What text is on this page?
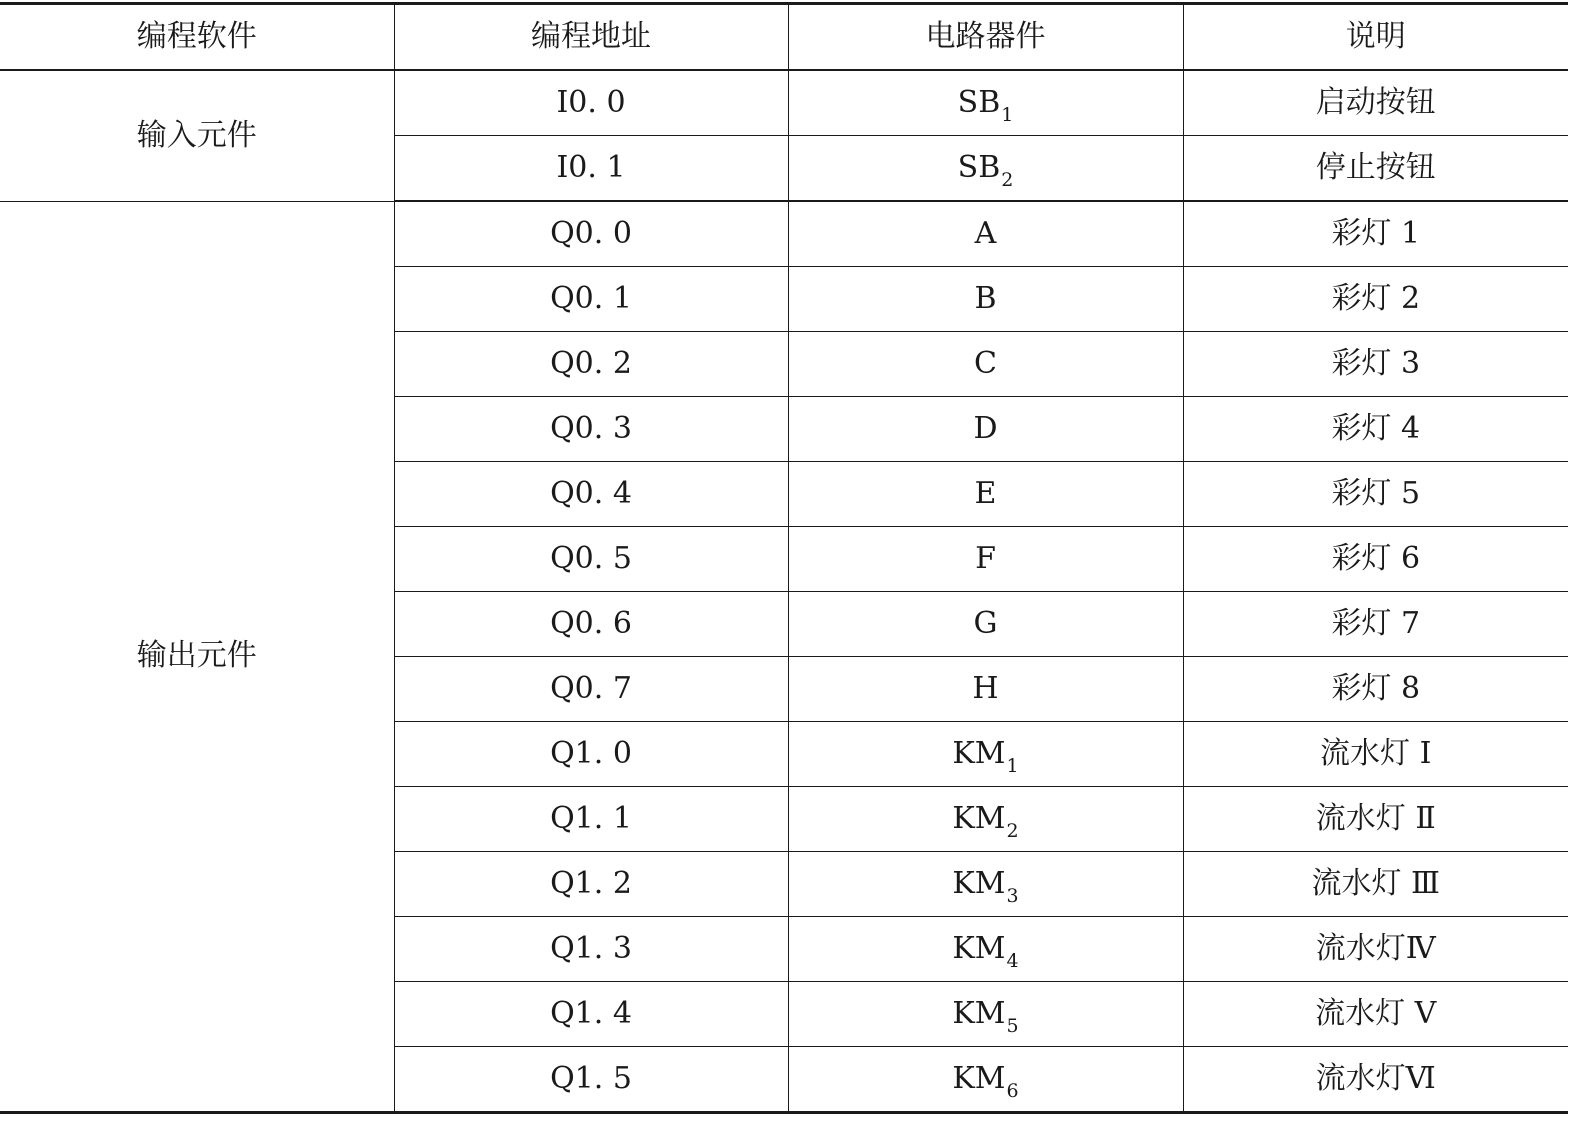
编程软件	编程地址	电路器件	说明
输入元件	I0. 0	$SB_1$	启动按钮
	I0. 1	$SB_2$	停止按钮
输出元件	Q0. 0	A	彩灯 1
	Q0. 1	B	彩灯 2
	Q0. 2	C	彩灯 3
	Q0. 3	D	彩灯 4
	Q0. 4	E	彩灯 5
	Q0. 5	F	彩灯 6
	Q0. 6	G	彩灯 7
	Q0. 7	H	彩灯 8
	Q1. 0	$KM_1$	流水灯 Ⅰ
	Q1. 1	$KM_2$	流水灯 Ⅱ
	Q1. 2	$KM_3$	流水灯 Ⅲ
	Q1. 3	$KM_4$	流水灯Ⅳ
	Q1. 4	$KM_5$	流水灯 Ⅴ
	Q1. 5	$KM_6$	流水灯Ⅵ
